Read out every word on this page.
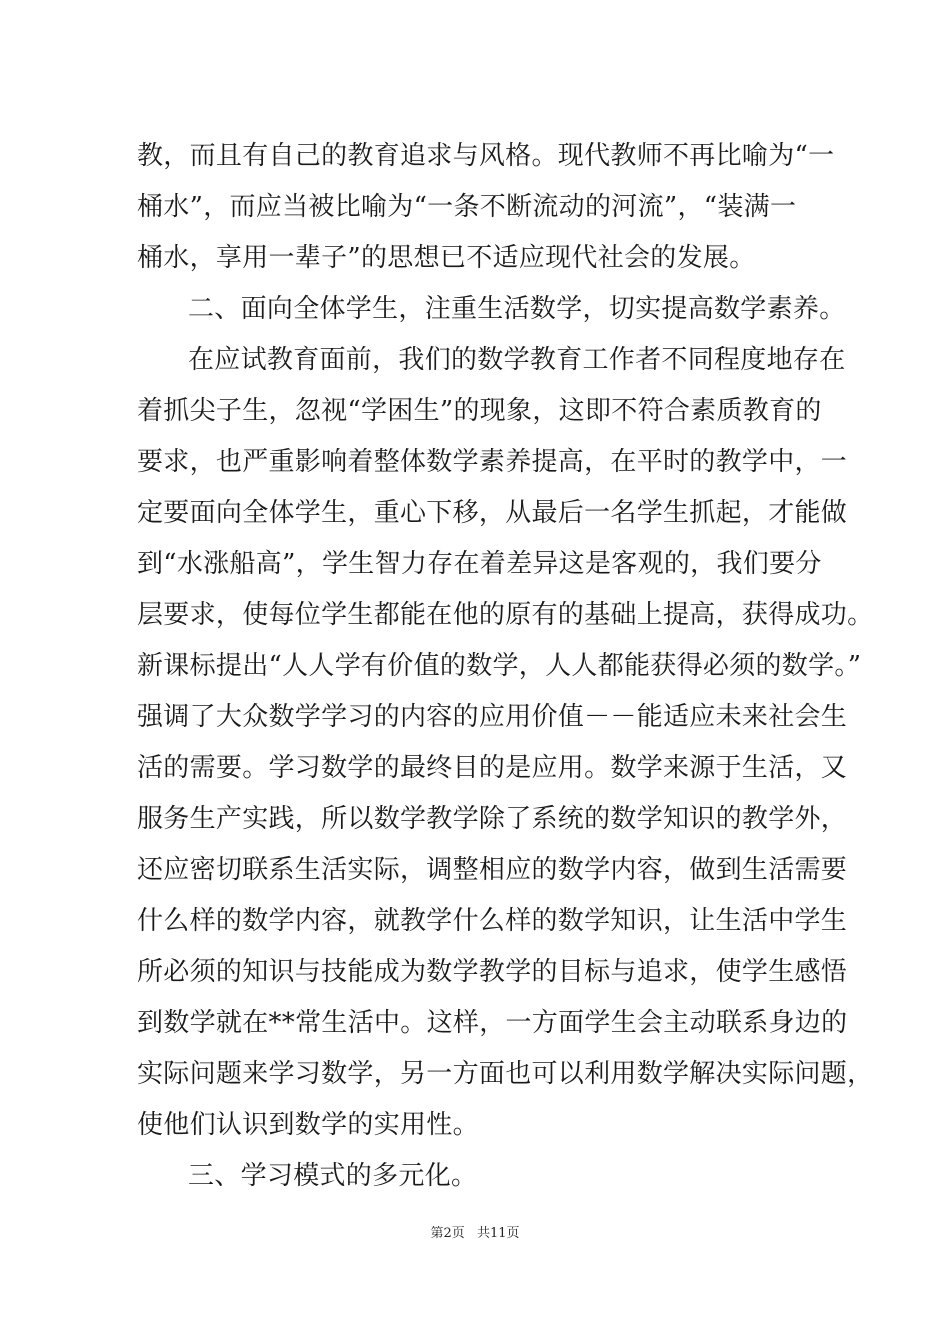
教，而且有自己的教育追求与风格。现代教师不再比喻为“一
桶水”，而应当被比喻为“一条不断流动的河流”，“装满一
桶水，享用一辈子”的思想已不适应现代社会的发展。
二、面向全体学生，注重生活数学，切实提高数学素养。
在应试教育面前，我们的数学教育工作者不同程度地存在
着抓尖子生，忽视“学困生”的现象，这即不符合素质教育的
要求，也严重影响着整体数学素养提高，在平时的教学中，一
定要面向全体学生，重心下移，从最后一名学生抓起，才能做
到“水涨船高”，学生智力存在着差异这是客观的，我们要分
层要求，使每位学生都能在他的原有的基础上提高，获得成功。
新课标提出“人人学有价值的数学，人人都能获得必须的数学。”
强调了大众数学学习的内容的应用价值－－能适应未来社会生
活的需要。学习数学的最终目的是应用。数学来源于生活，又
服务生产实践，所以数学教学除了系统的数学知识的教学外，
还应密切联系生活实际，调整相应的数学内容，做到生活需要
什么样的数学内容，就教学什么样的数学知识，让生活中学生
所必须的知识与技能成为数学教学的目标与追求，使学生感悟
到数学就在**常生活中。这样，一方面学生会主动联系身边的
实际问题来学习数学，另一方面也可以利用数学解决实际问题，
使他们认识到数学的实用性。
三、学习模式的多元化。
第2页 共11页
